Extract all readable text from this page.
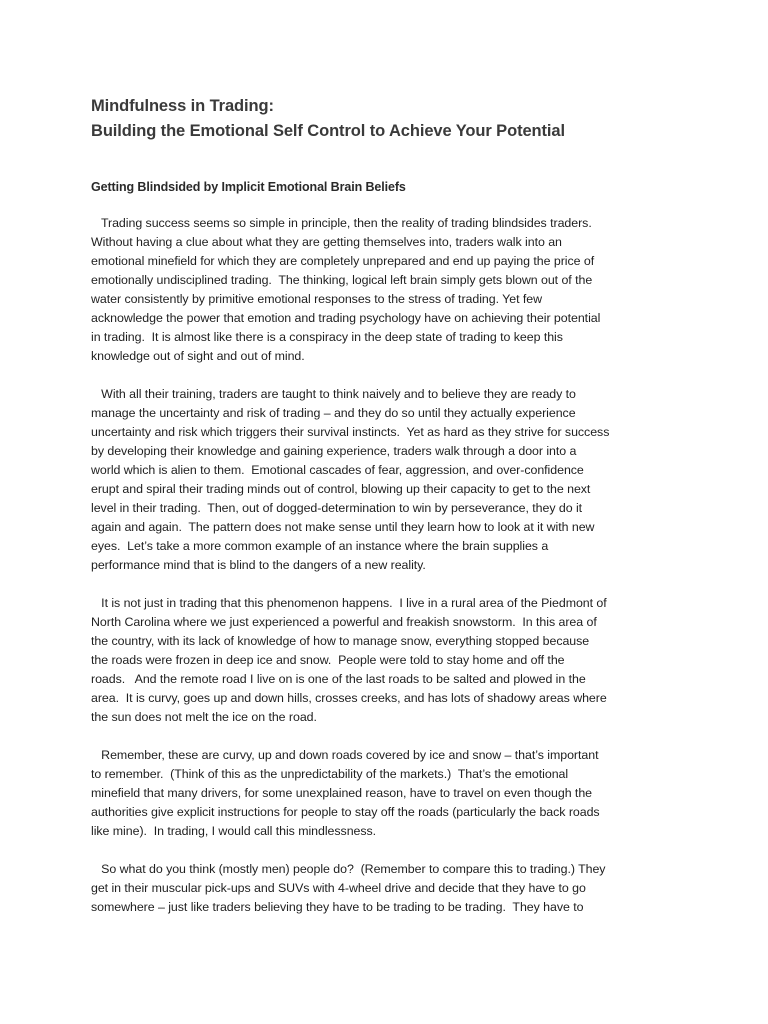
Mindfulness in Trading:
Building the Emotional Self Control to Achieve Your Potential
Getting Blindsided by Implicit Emotional Brain Beliefs

Trading success seems so simple in principle, then the reality of trading blindsides traders.
Without having a clue about what they are getting themselves into, traders walk into an
emotional minefield for which they are completely unprepared and end up paying the price of
emotionally undisciplined trading.  The thinking, logical left brain simply gets blown out of the
water consistently by primitive emotional responses to the stress of trading. Yet few
acknowledge the power that emotion and trading psychology have on achieving their potential
in trading.  It is almost like there is a conspiracy in the deep state of trading to keep this
knowledge out of sight and out of mind.

With all their training, traders are taught to think naively and to believe they are ready to
manage the uncertainty and risk of trading – and they do so until they actually experience
uncertainty and risk which triggers their survival instincts.  Yet as hard as they strive for success
by developing their knowledge and gaining experience, traders walk through a door into a
world which is alien to them.  Emotional cascades of fear, aggression, and over-confidence
erupt and spiral their trading minds out of control, blowing up their capacity to get to the next
level in their trading.  Then, out of dogged-determination to win by perseverance, they do it
again and again.  The pattern does not make sense until they learn how to look at it with new
eyes.  Let’s take a more common example of an instance where the brain supplies a
performance mind that is blind to the dangers of a new reality.

It is not just in trading that this phenomenon happens.  I live in a rural area of the Piedmont of
North Carolina where we just experienced a powerful and freakish snowstorm.  In this area of
the country, with its lack of knowledge of how to manage snow, everything stopped because
the roads were frozen in deep ice and snow.  People were told to stay home and off the
roads.   And the remote road I live on is one of the last roads to be salted and plowed in the
area.  It is curvy, goes up and down hills, crosses creeks, and has lots of shadowy areas where
the sun does not melt the ice on the road.

Remember, these are curvy, up and down roads covered by ice and snow – that’s important
to remember.  (Think of this as the unpredictability of the markets.)  That’s the emotional
minefield that many drivers, for some unexplained reason, have to travel on even though the
authorities give explicit instructions for people to stay off the roads (particularly the back roads
like mine).  In trading, I would call this mindlessness.

So what do you think (mostly men) people do?  (Remember to compare this to trading.) They
get in their muscular pick-ups and SUVs with 4-wheel drive and decide that they have to go
somewhere – just like traders believing they have to be trading to be trading.  They have to
